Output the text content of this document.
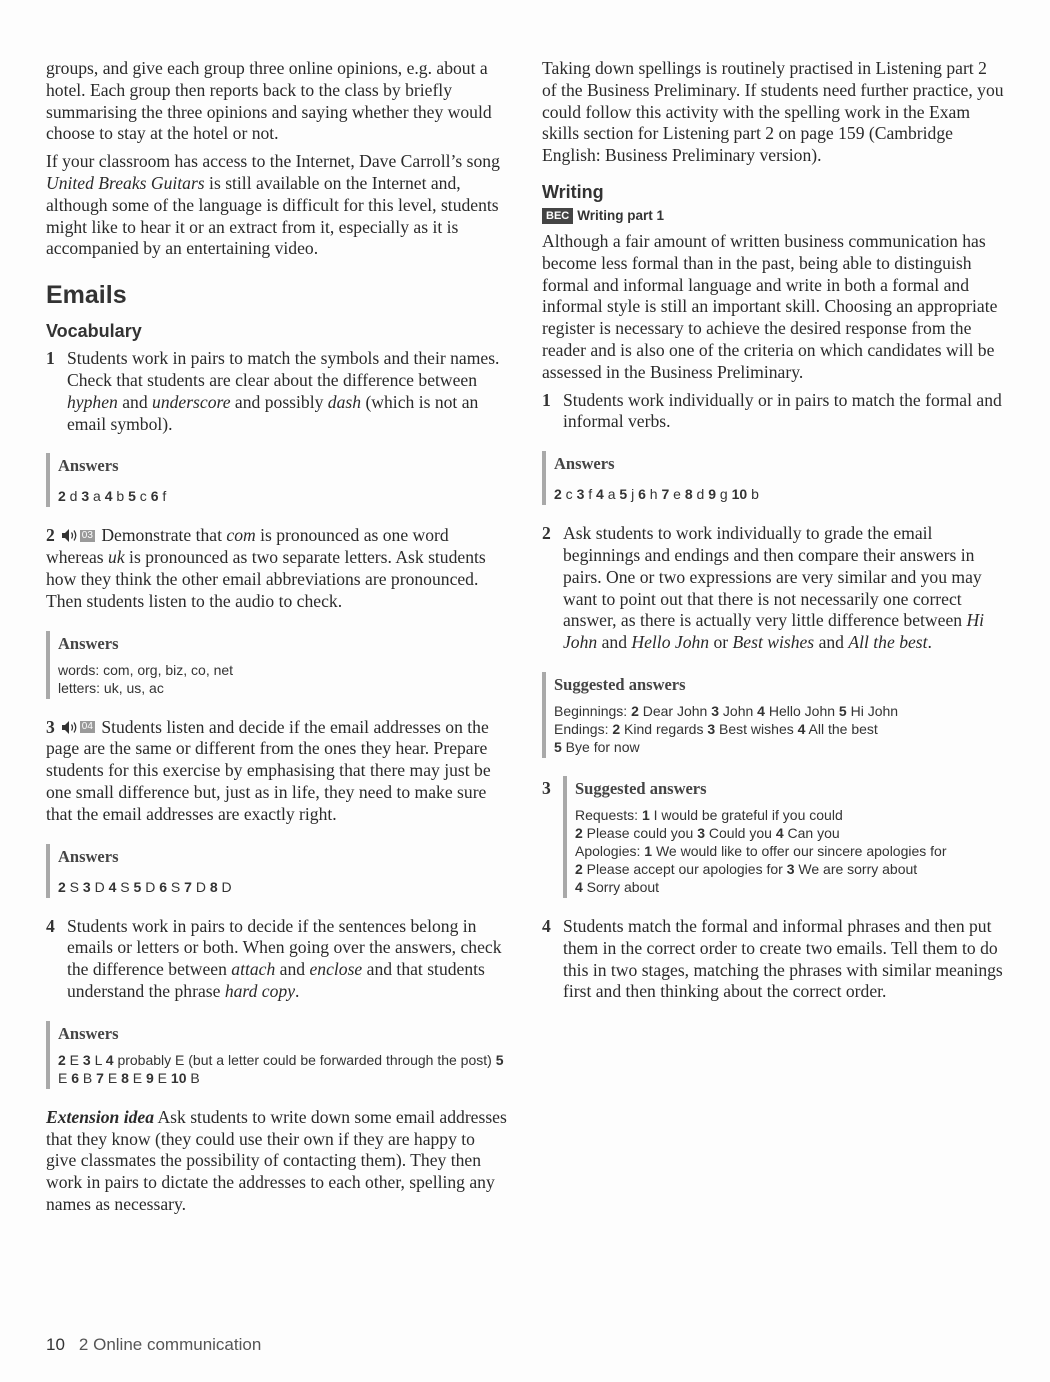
groups, and give each group three online opinions, e.g. about a hotel. Each group then reports back to the class by briefly summarising the three opinions and saying whether they would choose to stay at the hotel or not.

If your classroom has access to the Internet, Dave Carroll’s song United Breaks Guitars is still available on the Internet and, although some of the language is difficult for this level, students might like to hear it or an extract from it, especially as it is accompanied by an entertaining video.

Emails
Vocabulary
1 Students work in pairs to match the symbols and their names. Check that students are clear about the difference between hyphen and underscore and possibly dash (which is not an email symbol).
Answers
2 d 3 a 4 b 5 c 6 f

2	03 Demonstrate that com is pronounced as one word whereas uk is pronounced as two separate letters. Ask students how they think the other email abbreviations are pronounced. Then students listen to the audio to check.

Answers
words: com, org, biz, co, net
letters: uk, us, ac

3	04 Students listen and decide if the email addresses on the page are the same or different from the ones they hear. Prepare students for this exercise by emphasising that there may just be one small difference but, just as in life, they need to make sure that the email addresses are exactly right.

Answers
2 S 3 D 4 S 5 D 6 S 7 D 8 D
4 Students work in pairs to decide if the sentences belong in emails or letters or both. When going over the answers, check the difference between attach and enclose and that students understand the phrase hard copy.
Answers
2 E 3 L 4 probably E (but a letter could be forwarded through the post) 5 E 6 B 7 E 8 E 9 E 10 B

Extension idea Ask students to write down some email addresses that they know (they could use their own if they are happy to give classmates the possibility of contacting them). They then work in pairs to dictate the addresses to each other, spelling any names as necessary.

Taking down spellings is routinely practised in Listening part 2 of the Business Preliminary. If students need further practice, you could follow this activity with the spelling work in the Exam skills section for Listening part 2 on page 159 (Cambridge English: Business Preliminary version).

Writing
BEC Writing part 1

Although a fair amount of written business communication has become less formal than in the past, being able to distinguish formal and informal language and write in both a formal and informal style is still an important skill. Choosing an appropriate register is necessary to achieve the desired response from the reader and is also one of the criteria on which candidates will be assessed in the Business Preliminary.

1 Students work individually or in pairs to match the formal and informal verbs.
Answers
2 c 3 f 4 a 5 j 6 h 7 e 8 d 9 g 10 b
2 Ask students to work individually to grade the email beginnings and endings and then compare their answers in pairs. One or two expressions are very similar and you may want to point out that there is not necessarily one correct answer, as there is actually very little difference between Hi John and Hello John or Best wishes and All the best.
Suggested answers
Beginnings: 2 Dear John 3 John 4 Hello John 5 Hi John
Endings: 2 Kind regards 3 Best wishes 4 All the best
5 Bye for now
3	Suggested answers
Requests: 1 I would be grateful if you could
2 Please could you 3 Could you 4 Can you
Apologies: 1 We would like to offer our sincere apologies for
2 Please accept our apologies for 3 We are sorry about
4 Sorry about
4 Students match the formal and informal phrases and then put them in the correct order to create two emails. Tell them to do this in two stages, matching the phrases with similar meanings first and then thinking about the correct order.
10 2 Online communication
